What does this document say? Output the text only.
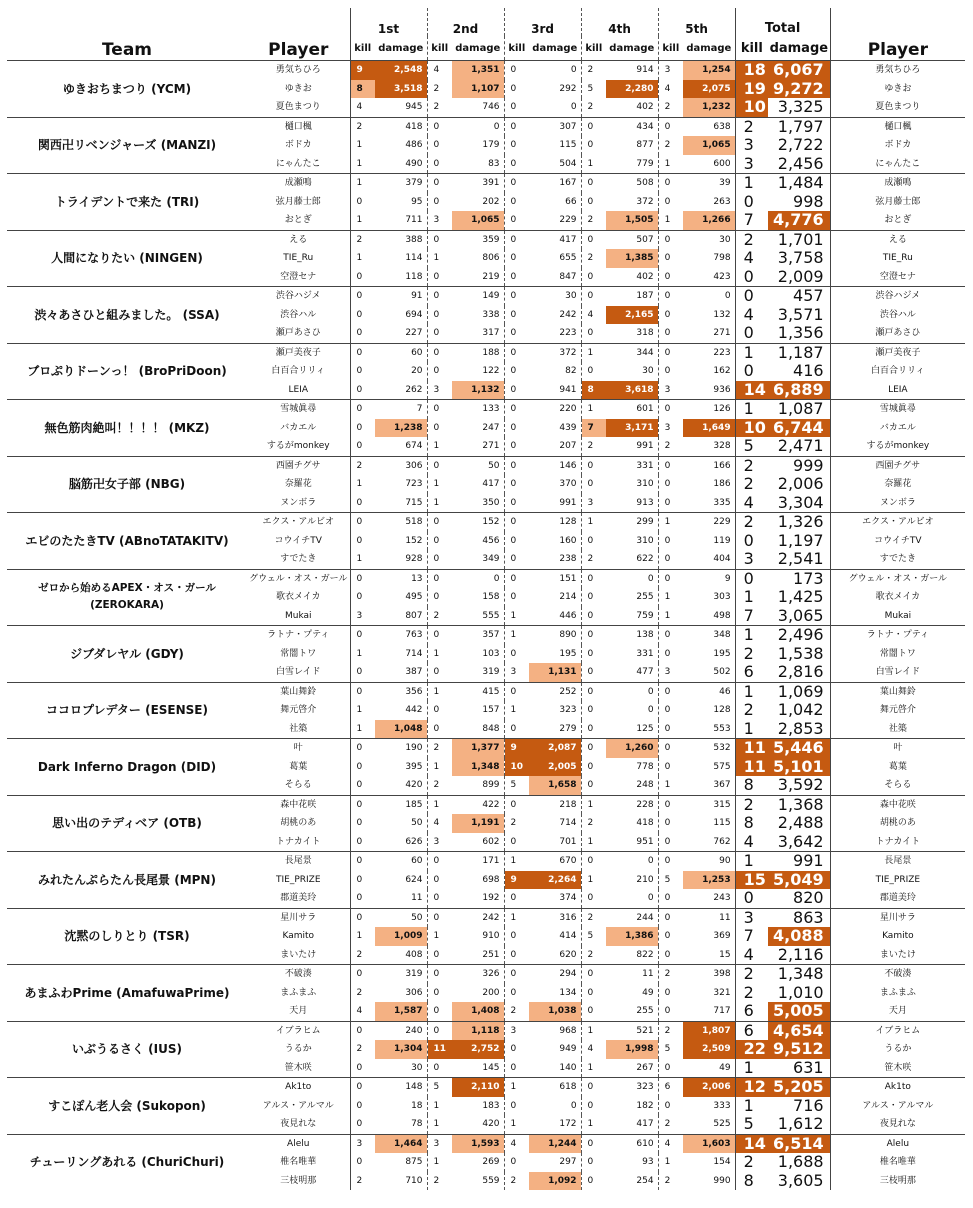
Team	Player	1st		2nd		3rd		4th		5th		Total		Player
		kill	damage	kill	damage	kill	damage	kill	damage	kill	damage	kill	damage	
ゆきおちまつり (YCM)	勇気ちひろ	9	2,548	4	1,351	0	0	2	914	3	1,254	18	6,067	勇気ちひろ
	ゆきお	8	3,518	2	1,107	0	292	5	2,280	4	2,075	19	9,272	ゆきお
	夏色まつり	4	945	2	746	0	0	2	402	2	1,232	10	3,325	夏色まつり
関西卍リベンジャーズ (MANZI)	樋口楓	2	418	0	0	0	307	0	434	0	638	2	1,797	樋口楓
	ボドカ	1	486	0	179	0	115	0	877	2	1,065	3	2,722	ボドカ
	にゃんたこ	1	490	0	83	0	504	1	779	1	600	3	2,456	にゃんたこ
トライデントで来た (TRI)	成瀬鳴	1	379	0	391	0	167	0	508	0	39	1	1,484	成瀬鳴
	弦月藤士郎	0	95	0	202	0	66	0	372	0	263	0	998	弦月藤士郎
	おとぎ	1	711	3	1,065	0	229	2	1,505	1	1,266	7	4,776	おとぎ
人間になりたい (NINGEN)	える	2	388	0	359	0	417	0	507	0	30	2	1,701	える
	TIE_Ru	1	114	1	806	0	655	2	1,385	0	798	4	3,758	TIE_Ru
	空澄セナ	0	118	0	219	0	847	0	402	0	423	0	2,009	空澄セナ
渋々あさひと組みました。 (SSA)	渋谷ハジメ	0	91	0	149	0	30	0	187	0	0	0	457	渋谷ハジメ
	渋谷ハル	0	694	0	338	0	242	4	2,165	0	132	4	3,571	渋谷ハル
	瀬戸あさひ	0	227	0	317	0	223	0	318	0	271	0	1,356	瀬戸あさひ
ブロぷりドーンっ！ (BroPriDoon)	瀬戸美夜子	0	60	0	188	0	372	1	344	0	223	1	1,187	瀬戸美夜子
	白百合リリィ	0	20	0	122	0	82	0	30	0	162	0	416	白百合リリィ
	LEIA	0	262	3	1,132	0	941	8	3,618	3	936	14	6,889	LEIA
無色筋肉絶叫！！！！ (MKZ)	雪城眞尋	0	7	0	133	0	220	1	601	0	126	1	1,087	雪城眞尋
	バカエル	0	1,238	0	247	0	439	7	3,171	3	1,649	10	6,744	バカエル
	するがmonkey	0	674	1	271	0	207	2	991	2	328	5	2,471	するがmonkey
脳筋卍女子部 (NBG)	西園チグサ	2	306	0	50	0	146	0	331	0	166	2	999	西園チグサ
	奈羅花	1	723	1	417	0	370	0	310	0	186	2	2,006	奈羅花
	ヌンボラ	0	715	1	350	0	991	3	913	0	335	4	3,304	ヌンボラ
エビのたたきTV (ABnoTATAKITV)	エクス・アルビオ	0	518	0	152	0	128	1	299	1	229	2	1,326	エクス・アルビオ
	コウイチTV	0	152	0	456	0	160	0	310	0	119	0	1,197	コウイチTV
	すでたき	1	928	0	349	0	238	2	622	0	404	3	2,541	すでたき
ゼロから始めるAPEX・オス・ガール (ZEROKARA)	グウェル・オス・ガール	0	13	0	0	0	151	0	0	0	9	0	173	グウェル・オス・ガール
	歌衣メイカ	0	495	0	158	0	214	0	255	1	303	1	1,425	歌衣メイカ
	Mukai	3	807	2	555	1	446	0	759	1	498	7	3,065	Mukai
ジブダレヤル (GDY)	ラトナ・プティ	0	763	0	357	1	890	0	138	0	348	1	2,496	ラトナ・プティ
	常闇トワ	1	714	1	103	0	195	0	331	0	195	2	1,538	常闇トワ
	白雪レイド	0	387	0	319	3	1,131	0	477	3	502	6	2,816	白雪レイド
ココロプレデター (ESENSE)	葉山舞鈴	0	356	1	415	0	252	0	0	0	46	1	1,069	葉山舞鈴
	舞元啓介	1	442	0	157	1	323	0	0	0	128	2	1,042	舞元啓介
	社築	1	1,048	0	848	0	279	0	125	0	553	1	2,853	社築
Dark Inferno Dragon (DID)	叶	0	190	2	1,377	9	2,087	0	1,260	0	532	11	5,446	叶
	葛葉	0	395	1	1,348	10	2,005	0	778	0	575	11	5,101	葛葉
	そらる	0	420	2	899	5	1,658	0	248	1	367	8	3,592	そらる
思い出のテディベア (OTB)	森中花咲	0	185	1	422	0	218	1	228	0	315	2	1,368	森中花咲
	胡桃のあ	0	50	4	1,191	2	714	2	418	0	115	8	2,488	胡桃のあ
	トナカイト	0	626	3	602	0	701	1	951	0	762	4	3,642	トナカイト
みれたんぷらたん長尾景 (MPN)	長尾景	0	60	0	171	1	670	0	0	0	90	1	991	長尾景
	TIE_PRIZE	0	624	0	698	9	2,264	1	210	5	1,253	15	5,049	TIE_PRIZE
	郡道美玲	0	11	0	192	0	374	0	0	0	243	0	820	郡道美玲
沈黙のしりとり (TSR)	星川サラ	0	50	0	242	1	316	2	244	0	11	3	863	星川サラ
	Kamito	1	1,009	1	910	0	414	5	1,386	0	369	7	4,088	Kamito
	まいたけ	2	408	0	251	0	620	2	822	0	15	4	2,116	まいたけ
あまふわPrime (AmafuwaPrime)	不破湊	0	319	0	326	0	294	0	11	2	398	2	1,348	不破湊
	まふまふ	2	306	0	200	0	134	0	49	0	321	2	1,010	まふまふ
	天月	4	1,587	0	1,408	2	1,038	0	255	0	717	6	5,005	天月
いぶうるさく (IUS)	イブラヒム	0	240	0	1,118	3	968	1	521	2	1,807	6	4,654	イブラヒム
	うるか	2	1,304	11	2,752	0	949	4	1,998	5	2,509	22	9,512	うるか
	笹木咲	0	30	0	145	0	140	1	267	0	49	1	631	笹木咲
すこぽん老人会 (Sukopon)	Ak1to	0	148	5	2,110	1	618	0	323	6	2,006	12	5,205	Ak1to
	アルス・アルマル	0	18	1	183	0	0	0	182	0	333	1	716	アルス・アルマル
	夜見れな	0	78	1	420	1	172	1	417	2	525	5	1,612	夜見れな
チューリングあれる (ChuriChuri)	Alelu	3	1,464	3	1,593	4	1,244	0	610	4	1,603	14	6,514	Alelu
	椎名唯華	0	875	1	269	0	297	0	93	1	154	2	1,688	椎名唯華
	三枝明那	2	710	2	559	2	1,092	0	254	2	990	8	3,605	三枝明那
